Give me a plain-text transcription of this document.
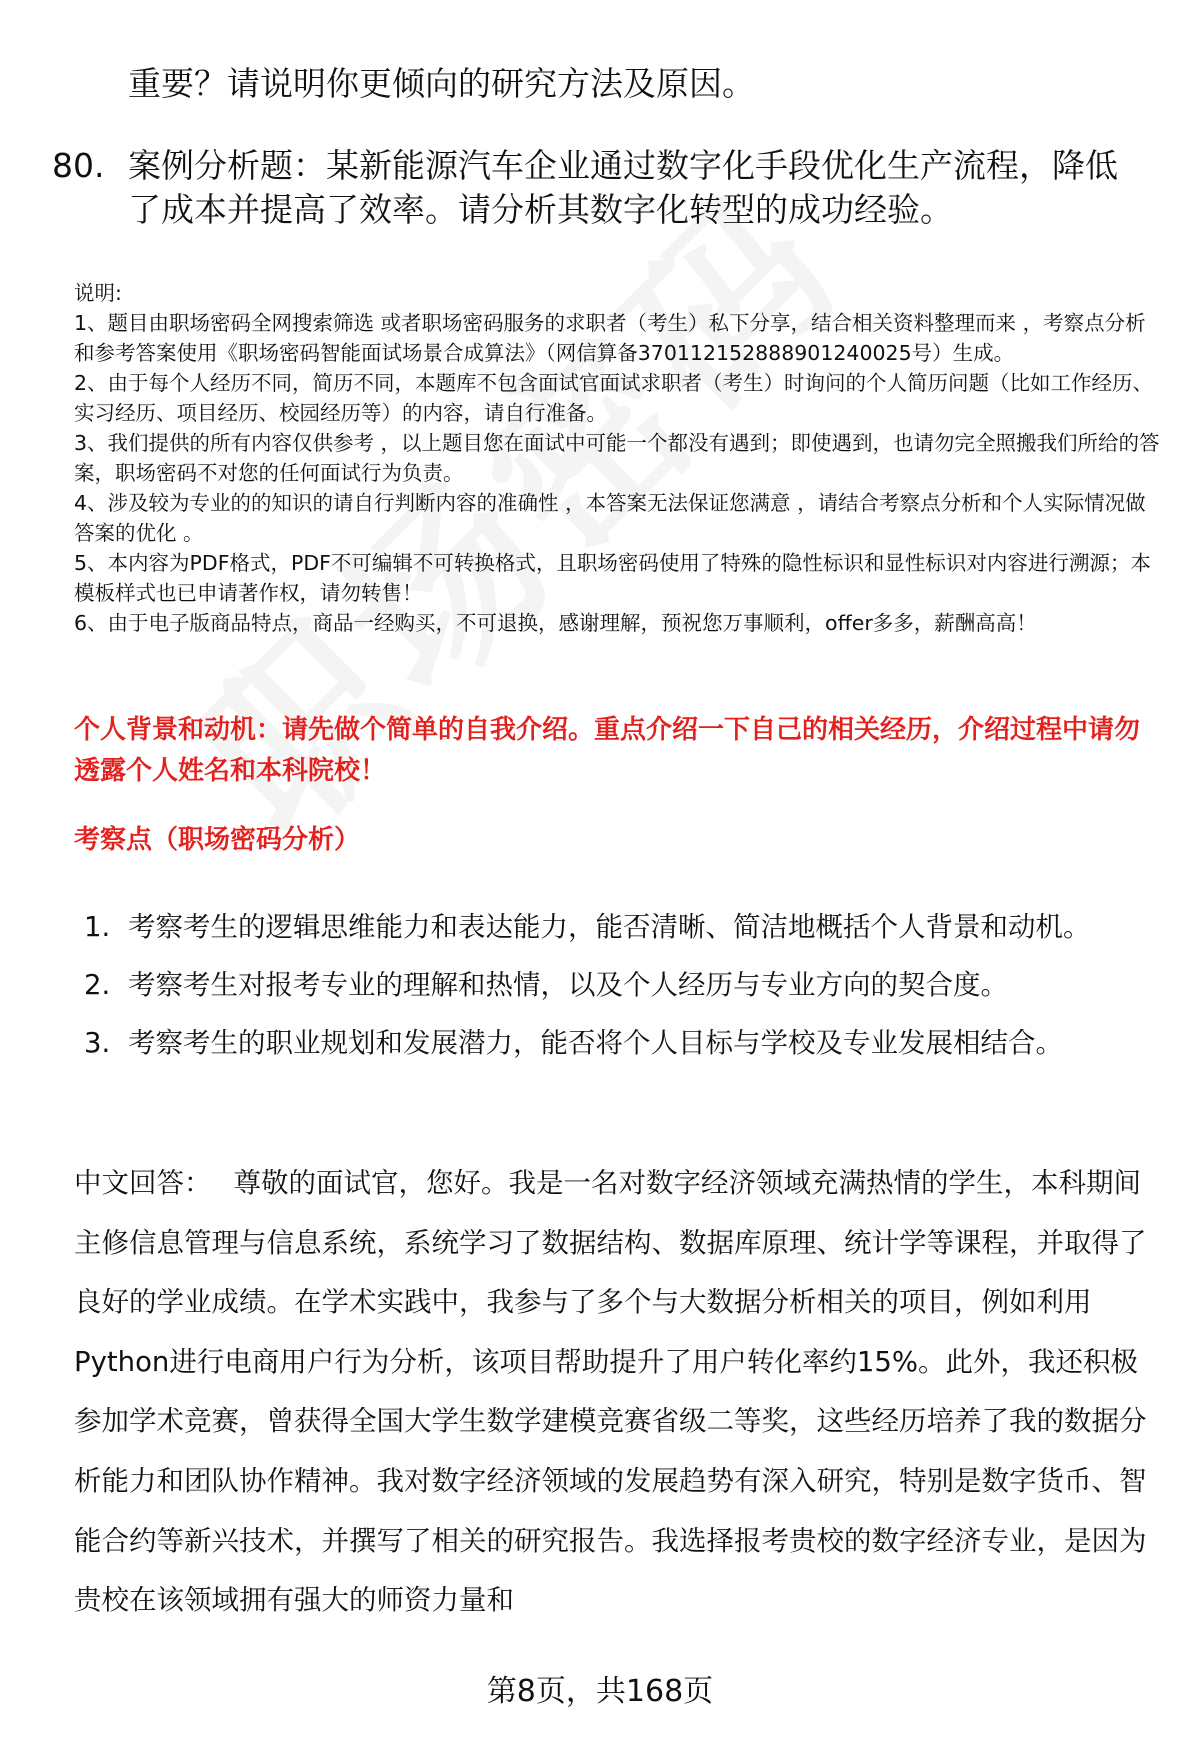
重要？请说明你更倾向的研究方法及原因。

80. 案例分析题：某新能源汽车企业通过数字化手段优化生产流程，降低了成本并提高了效率。请分析其数字化转型的成功经验。

说明:

1、题目由职场密码全网搜索筛选 或者职场密码服务的求职者（考生）私下分享，结合相关资料整理而来 ，考察点分析和参考答案使用《职场密码智能面试场景合成算法》（网信算备370112152888901240025号）生成。

2、由于每个人经历不同，简历不同，本题库不包含面试官面试求职者（考生）时询问的个人简历问题（比如工作经历、实习经历、项目经历、校园经历等）的内容，请自行准备。

3、我们提供的所有内容仅供参考 ，以上题目您在面试中可能一个都没有遇到；即使遇到，也请勿完全照搬我们所给的答案，职场密码不对您的任何面试行为负责。

4、涉及较为专业的的知识的请自行判断内容的准确性 ，本答案无法保证您满意 ，请结合考察点分析和个人实际情况做答案的优化 。

5、本内容为PDF格式，PDF不可编辑不可转换格式，且职场密码使用了特殊的隐性标识和显性标识对内容进行溯源；本模板样式也已申请著作权，请勿转售！

6、由于电子版商品特点，商品一经购买，不可退换，感谢理解，预祝您万事顺利，offer多多，薪酬高高！

个人背景和动机：请先做个简单的自我介绍。重点介绍一下自己的相关经历，介绍过程中请勿透露个人姓名和本科院校！

考察点（职场密码分析）

1. 考察考生的逻辑思维能力和表达能力，能否清晰、简洁地概括个人背景和动机。
2. 考察考生对报考专业的理解和热情，以及个人经历与专业方向的契合度。
3. 考察考生的职业规划和发展潜力，能否将个人目标与学校及专业发展相结合。

中文回答： 尊敬的面试官，您好。我是一名对数字经济领域充满热情的学生，本科期间主修信息管理与信息系统，系统学习了数据结构、数据库原理、统计学等课程，并取得了良好的学业成绩。在学术实践中，我参与了多个与大数据分析相关的项目，例如利用Python进行电商用户行为分析，该项目帮助提升了用户转化率约15%。此外，我还积极参加学术竞赛，曾获得全国大学生数学建模竞赛省级二等奖，这些经历培养了我的数据分析能力和团队协作精神。我对数字经济领域的发展趋势有深入研究，特别是数字货币、智能合约等新兴技术，并撰写了相关的研究报告。我选择报考贵校的数字经济专业，是因为贵校在该领域拥有强大的师资力量和

第8页，共168页
